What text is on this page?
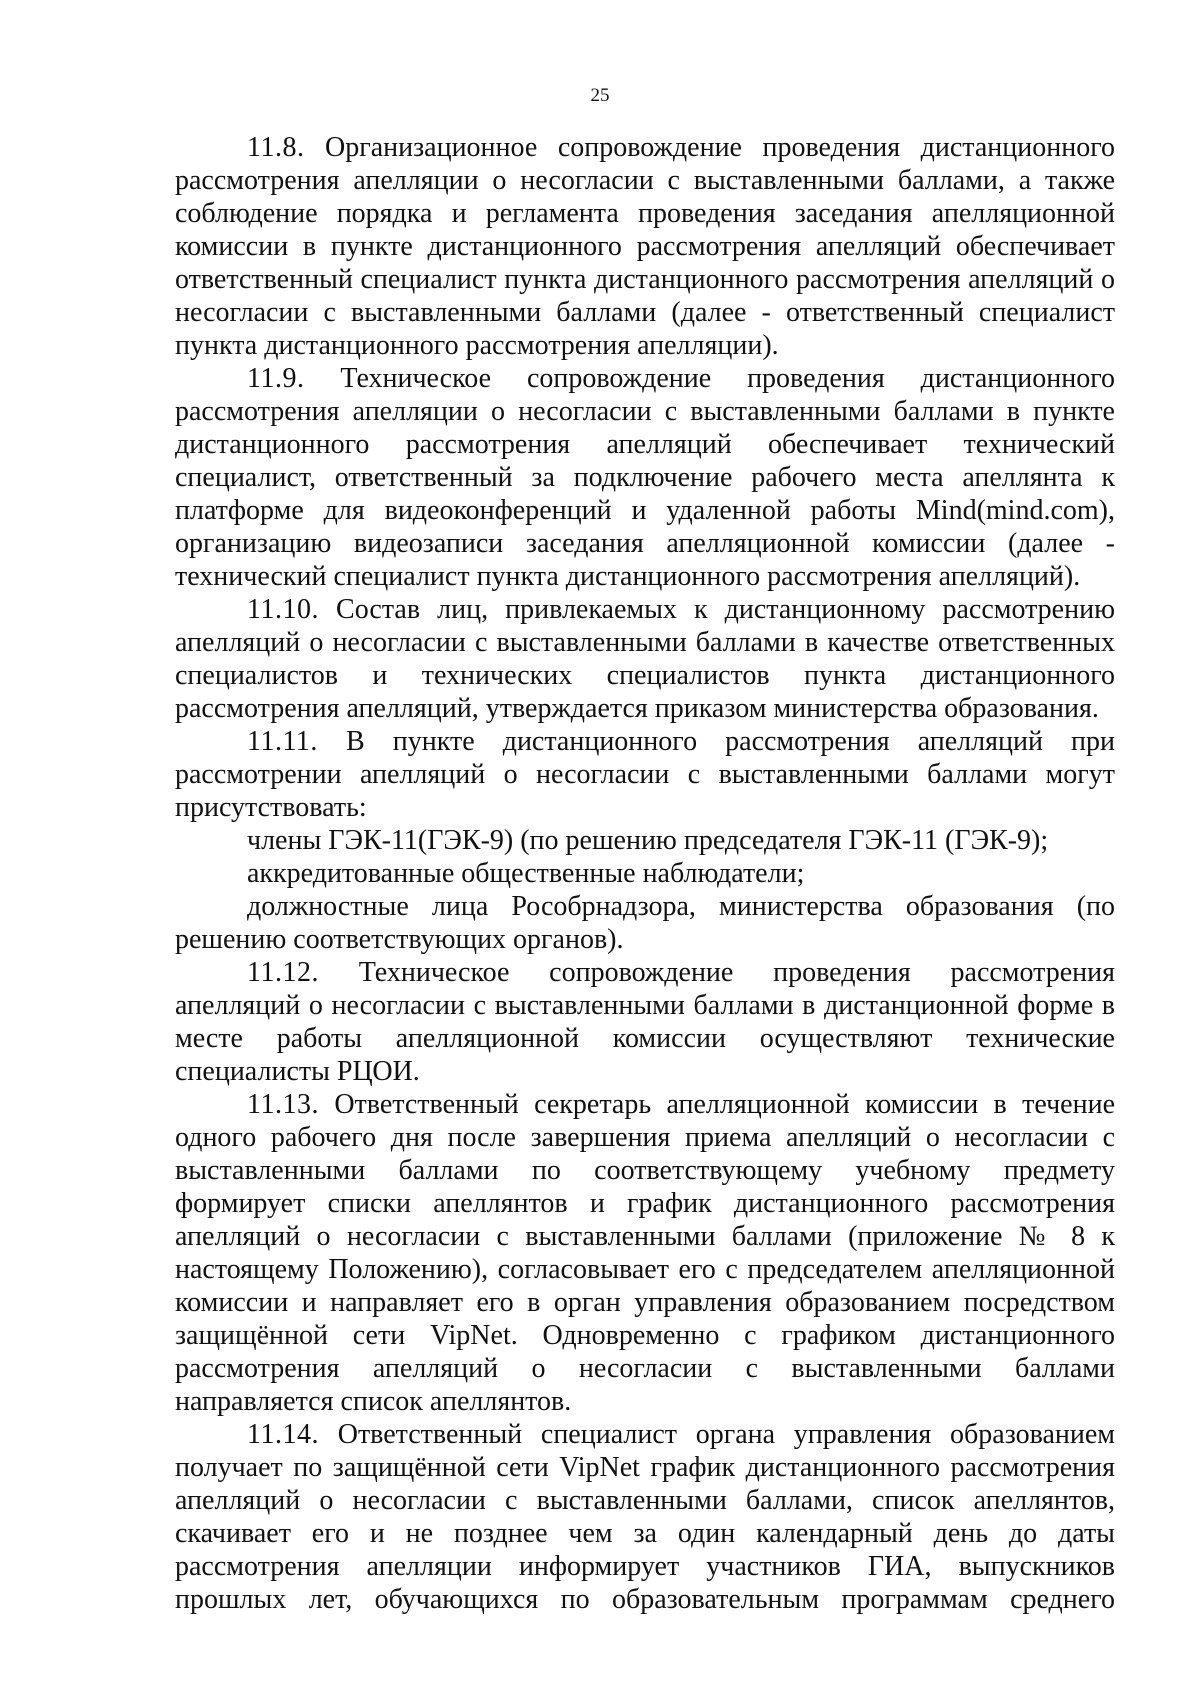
25

11.8. Организационное сопровождение проведения дистанционного рассмотрения апелляции о несогласии с выставленными баллами, а также соблюдение порядка и регламента проведения заседания апелляционной комиссии в пункте дистанционного рассмотрения апелляций обеспечивает ответственный специалист пункта дистанционного рассмотрения апелляций о несогласии с выставленными баллами (далее - ответственный специалист пункта дистанционного рассмотрения апелляции).

11.9. Техническое сопровождение проведения дистанционного рассмотрения апелляции о несогласии с выставленными баллами в пункте дистанционного рассмотрения апелляций обеспечивает технический специалист, ответственный за подключение рабочего места апеллянта к платформе для видеоконференций и удаленной работы Mind(mind.com), организацию видеозаписи заседания апелляционной комиссии (далее - технический специалист пункта дистанционного рассмотрения апелляций).

11.10. Состав лиц, привлекаемых к дистанционному рассмотрению апелляций о несогласии с выставленными баллами в качестве ответственных специалистов и технических специалистов пункта дистанционного рассмотрения апелляций, утверждается приказом министерства образования.

11.11. В пункте дистанционного рассмотрения апелляций при рассмотрении апелляций о несогласии с выставленными баллами могут присутствовать:

члены ГЭК-11(ГЭК-9) (по решению председателя ГЭК-11 (ГЭК-9);

аккредитованные общественные наблюдатели;

должностные лица Рособрнадзора, министерства образования (по решению соответствующих органов).

11.12. Техническое сопровождение проведения рассмотрения апелляций о несогласии с выставленными баллами в дистанционной форме в месте работы апелляционной комиссии осуществляют технические специалисты РЦОИ.

11.13. Ответственный секретарь апелляционной комиссии в течение одного рабочего дня после завершения приема апелляций о несогласии с выставленными баллами по соответствующему учебному предмету формирует списки апеллянтов и график дистанционного рассмотрения апелляций о несогласии с выставленными баллами (приложение № 8 к настоящему Положению), согласовывает его с председателем апелляционной комиссии и направляет его в орган управления образованием посредством защищённой сети VipNet. Одновременно с графиком дистанционного рассмотрения апелляций о несогласии с выставленными баллами направляется список апеллянтов.

11.14. Ответственный специалист органа управления образованием получает по защищённой сети VipNet график дистанционного рассмотрения апелляций о несогласии с выставленными баллами, список апеллянтов, скачивает его и не позднее чем за один календарный день до даты рассмотрения апелляции информирует участников ГИА, выпускников прошлых лет, обучающихся по образовательным программам среднего
